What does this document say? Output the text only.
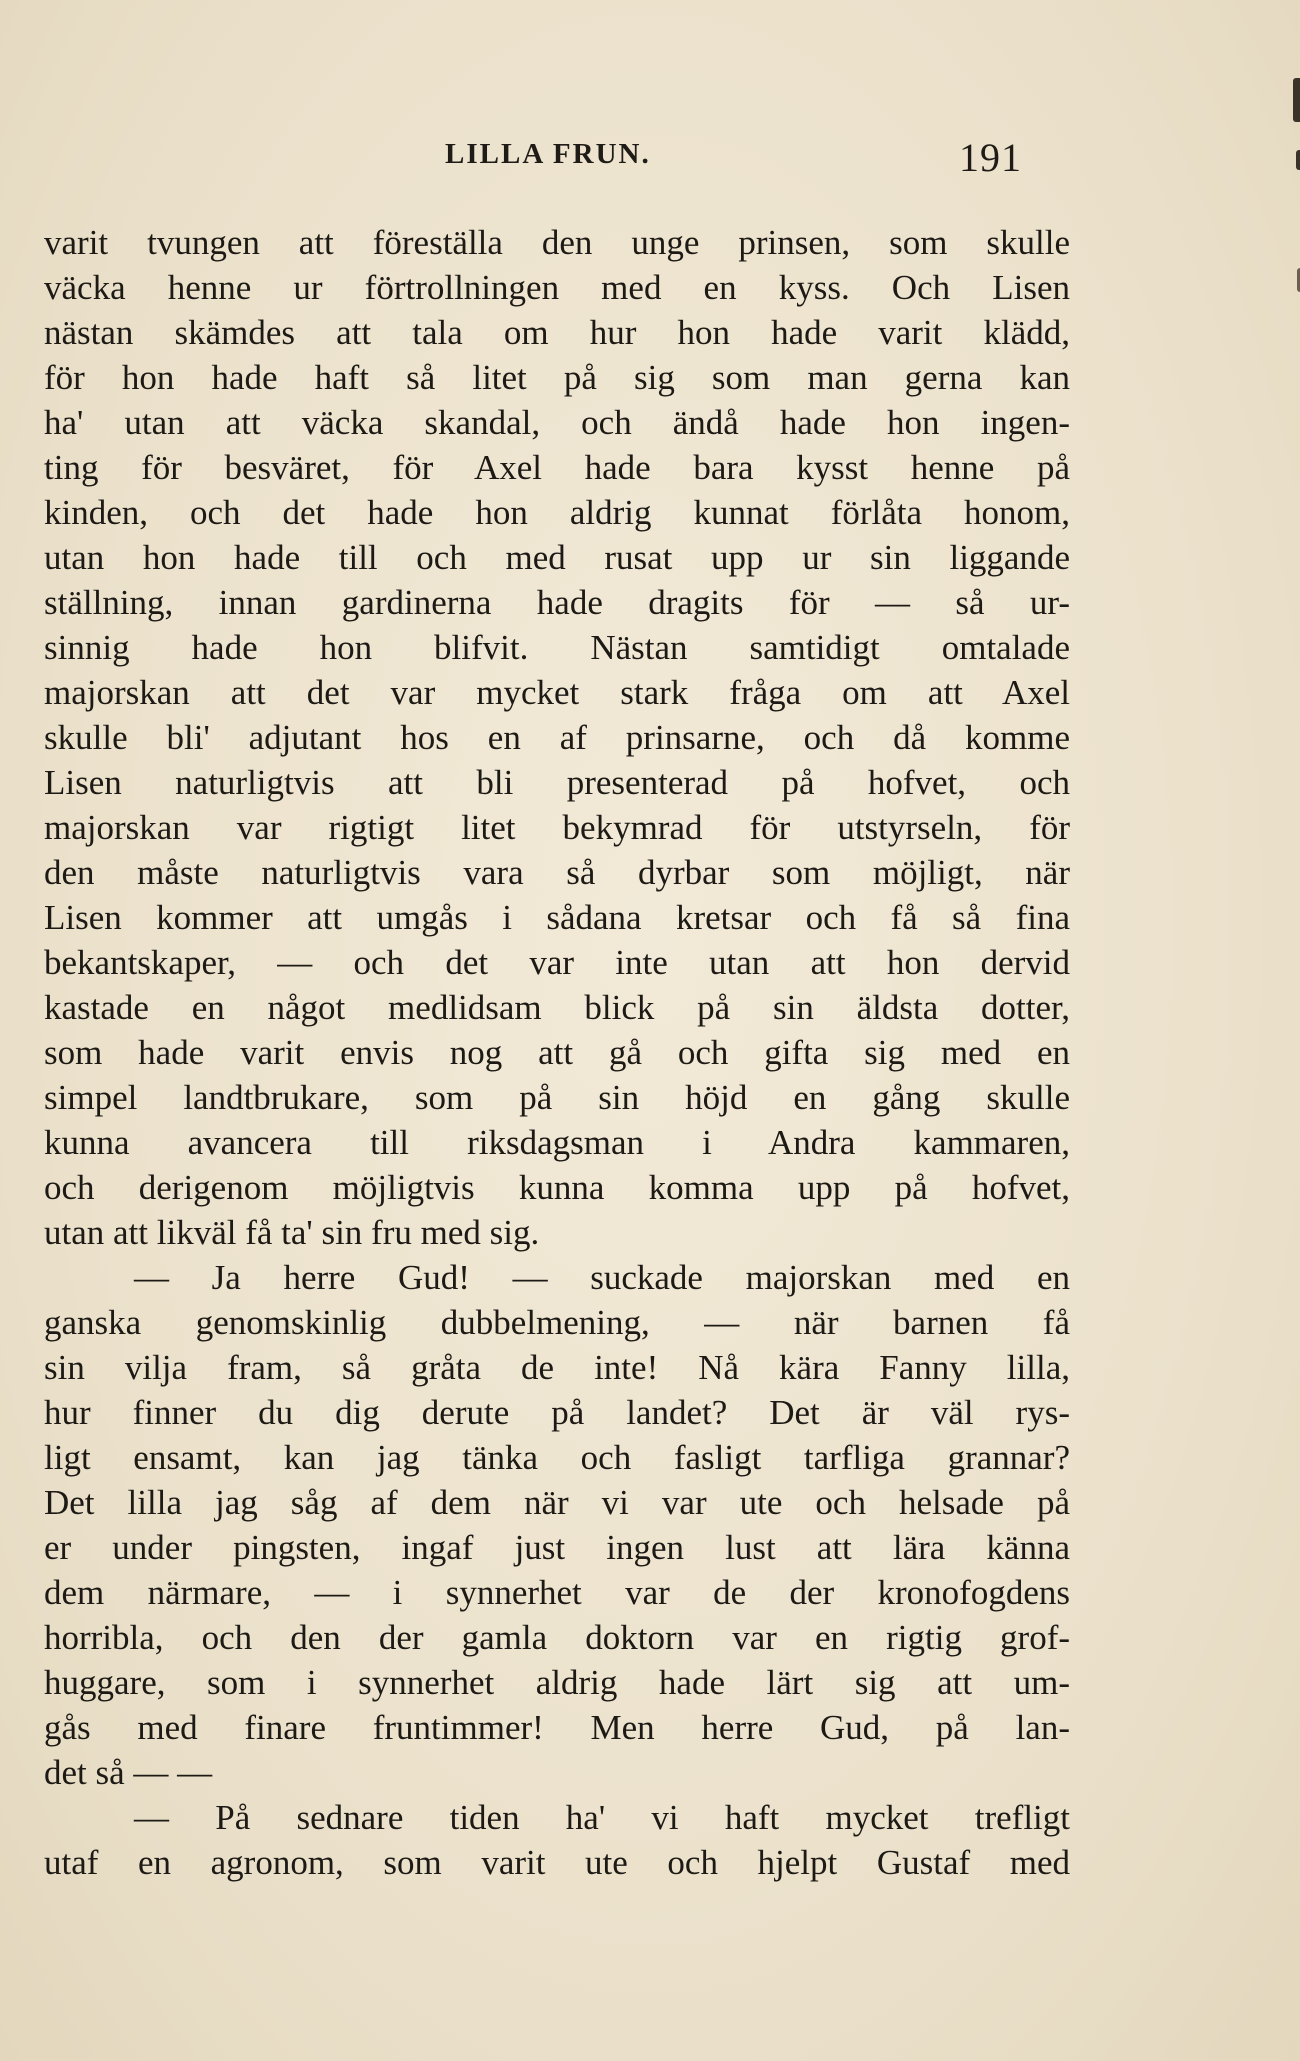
LILLA FRUN.	191
varit tvungen att föreställa den unge prinsen, som skulle
väcka henne ur förtrollningen med en kyss. Och Lisen
nästan skämdes att tala om hur hon hade varit klädd,
för hon hade haft så litet på sig som man gerna kan
ha' utan att väcka skandal, och ändå hade hon ingen-
ting för besväret, för Axel hade bara kysst henne på
kinden, och det hade hon aldrig kunnat förlåta honom,
utan hon hade till och med rusat upp ur sin liggande
ställning, innan gardinerna hade dragits för — så ur-
sinnig hade hon blifvit. Nästan samtidigt omtalade
majorskan att det var mycket stark fråga om att Axel
skulle bli' adjutant hos en af prinsarne, och då komme
Lisen naturligtvis att bli presenterad på hofvet, och
majorskan var rigtigt litet bekymrad för utstyrseln, för
den måste naturligtvis vara så dyrbar som möjligt, när
Lisen kommer att umgås i sådana kretsar och få så fina
bekantskaper, — och det var inte utan att hon dervid
kastade en något medlidsam blick på sin äldsta dotter,
som hade varit envis nog att gå och gifta sig med en
simpel landtbrukare, som på sin höjd en gång skulle
kunna avancera till riksdagsman i Andra kammaren,
och derigenom möjligtvis kunna komma upp på hofvet,
utan att likväl få ta' sin fru med sig.
— Ja herre Gud! — suckade majorskan med en
ganska genomskinlig dubbelmening, — när barnen få
sin vilja fram, så gråta de inte! Nå kära Fanny lilla,
hur finner du dig derute på landet? Det är väl rys-
ligt ensamt, kan jag tänka och fasligt tarfliga grannar?
Det lilla jag såg af dem när vi var ute och helsade på
er under pingsten, ingaf just ingen lust att lära känna
dem närmare, — i synnerhet var de der kronofogdens
horribla, och den der gamla doktorn var en rigtig grof-
huggare, som i synnerhet aldrig hade lärt sig att um-
gås med finare fruntimmer! Men herre Gud, på lan-
det så — —
— På sednare tiden ha' vi haft mycket trefligt
utaf en agronom, som varit ute och hjelpt Gustaf med
